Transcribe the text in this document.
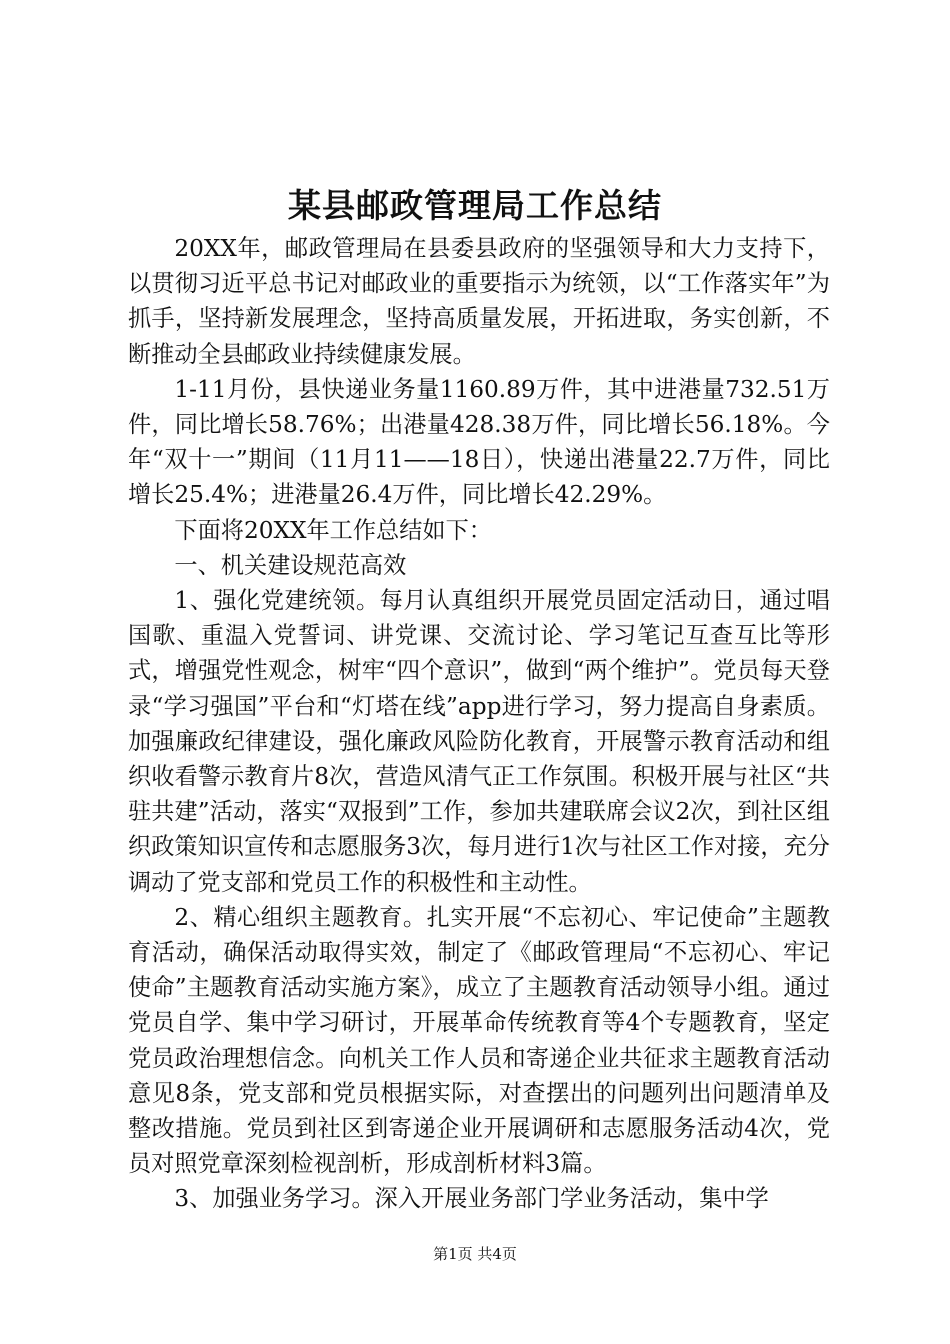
某县邮政管理局工作总结

20XX年，邮政管理局在县委县政府的坚强领导和大力支持下，以贯彻习近平总书记对邮政业的重要指示为统领，以“工作落实年”为抓手，坚持新发展理念，坚持高质量发展，开拓进取，务实创新，不断推动全县邮政业持续健康发展。

1-11月份，县快递业务量1160.89万件，其中进港量732.51万件，同比增长58.76%；出港量428.38万件，同比增长56.18%。今年“双十一”期间（11月11——18日），快递出港量22.7万件，同比增长25.4%；进港量26.4万件，同比增长42.29%。

下面将20XX年工作总结如下：

一、机关建设规范高效

1、强化党建统领。每月认真组织开展党员固定活动日，通过唱国歌、重温入党誓词、讲党课、交流讨论、学习笔记互查互比等形式，增强党性观念，树牢“四个意识”，做到“两个维护”。党员每天登录“学习强国”平台和“灯塔在线”app进行学习，努力提高自身素质。加强廉政纪律建设，强化廉政风险防化教育，开展警示教育活动和组织收看警示教育片8次，营造风清气正工作氛围。积极开展与社区“共驻共建”活动，落实“双报到”工作，参加共建联席会议2次，到社区组织政策知识宣传和志愿服务3次，每月进行1次与社区工作对接，充分调动了党支部和党员工作的积极性和主动性。

2、精心组织主题教育。扎实开展“不忘初心、牢记使命”主题教育活动，确保活动取得实效，制定了《邮政管理局“不忘初心、牢记使命”主题教育活动实施方案》，成立了主题教育活动领导小组。通过党员自学、集中学习研讨，开展革命传统教育等4个专题教育，坚定党员政治理想信念。向机关工作人员和寄递企业共征求主题教育活动意见8条，党支部和党员根据实际，对查摆出的问题列出问题清单及整改措施。党员到社区到寄递企业开展调研和志愿服务活动4次，党员对照党章深刻检视剖析，形成剖析材料3篇。

3、加强业务学习。深入开展业务部门学业务活动，集中学

第1页 共4页
